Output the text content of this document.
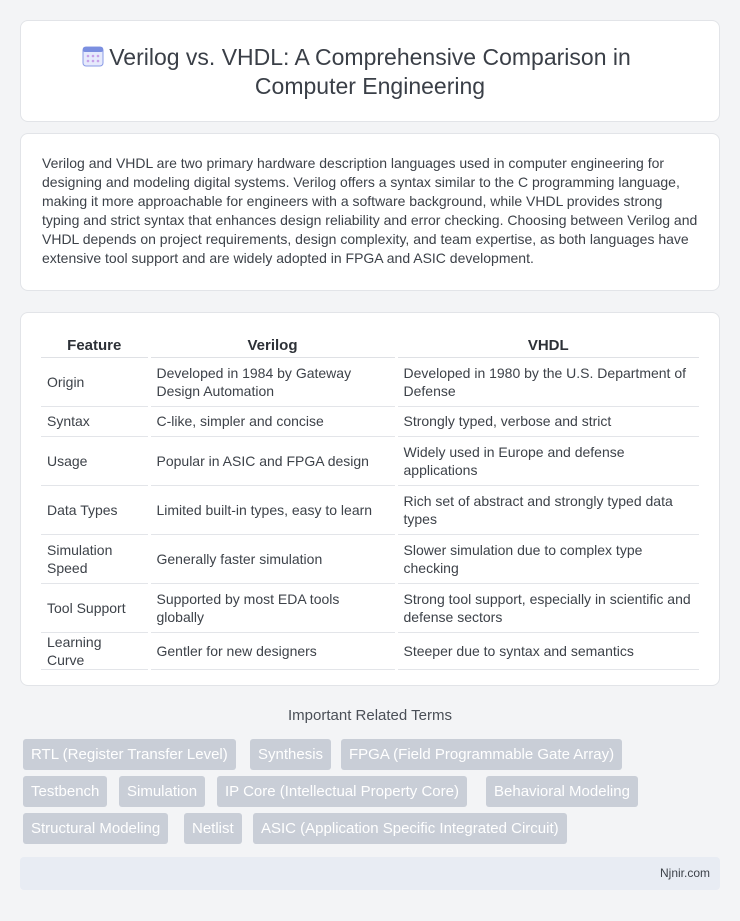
Verilog vs. VHDL: A Comprehensive Comparison in Computer Engineering

Verilog and VHDL are two primary hardware description languages used in computer engineering for designing and modeling digital systems. Verilog offers a syntax similar to the C programming language, making it more approachable for engineers with a software background, while VHDL provides strong typing and strict syntax that enhances design reliability and error checking. Choosing between Verilog and VHDL depends on project requirements, design complexity, and team expertise, as both languages have extensive tool support and are widely adopted in FPGA and ASIC development.

Feature	Verilog	VHDL
Origin	Developed in 1984 by Gateway Design Automation	Developed in 1980 by the U.S. Department of Defense
Syntax	C-like, simpler and concise	Strongly typed, verbose and strict
Usage	Popular in ASIC and FPGA design	Widely used in Europe and defense applications
Data Types	Limited built-in types, easy to learn	Rich set of abstract and strongly typed data types
Simulation Speed	Generally faster simulation	Slower simulation due to complex type checking
Tool Support	Supported by most EDA tools globally	Strong tool support, especially in scientific and defense sectors
Learning Curve	Gentler for new designers	Steeper due to syntax and semantics
Important Related Terms
RTL (Register Transfer Level)	Synthesis	FPGA (Field Programmable Gate Array)
Testbench	Simulation	IP Core (Intellectual Property Core)	Behavioral Modeling
Structural Modeling	Netlist	ASIC (Application Specific Integrated Circuit)
Njnir.com
